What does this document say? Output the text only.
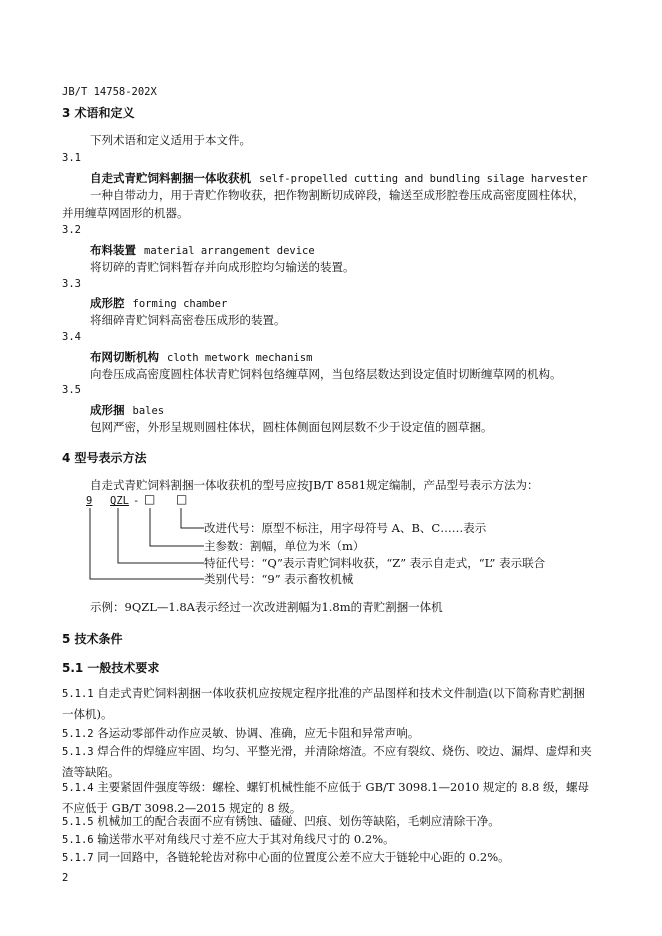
JB/T 14758-202X
3 术语和定义
下列术语和定义适用于本文件。
3.1
自走式青贮饲料割捆一体收获机 self-propelled cutting and bundling silage harvester
一种自带动力，用于青贮作物收获，把作物割断切成碎段，输送至成形腔卷压成高密度圆柱体状，
并用缠草网固形的机器。
3.2
布料装置 material arrangement device
将切碎的青贮饲料暂存并向成形腔均匀输送的装置。
3.3
成形腔 forming chamber
将细碎青贮饲料高密卷压成形的装置。
3.4
布网切断机构 cloth metwork mechanism
向卷压成高密度圆柱体状青贮饲料包络缠草网，当包络层数达到设定值时切断缠草网的机构。
3.5
成形捆 bales
包网严密，外形呈规则圆柱体状，圆柱体侧面包网层数不少于设定值的圆草捆。
4 型号表示方法
自走式青贮饲料割捆一体收获机的型号应按JB/T 8581规定编制，产品型号表示方法为：
9 QZL - □ □
改进代号：原型不标注，用字母符号 A、B、C……表示
主参数：割幅，单位为米（m）
特征代号：“Q”表示青贮饲料收获，“Z” 表示自走式，“L” 表示联合
类别代号：“9” 表示畜牧机械
示例：9QZL—1.8A表示经过一次改进割幅为1.8m的青贮割捆一体机
5 技术条件
5.1 一般技术要求
5.1.1 自走式青贮饲料割捆一体收获机应按规定程序批准的产品图样和技术文件制造(以下简称青贮割捆一体机)。
5.1.2 各运动零部件动作应灵敏、协调、准确，应无卡阻和异常声响。
5.1.3 焊合件的焊缝应牢固、均匀、平整光滑，并清除熔渣。不应有裂纹、烧伤、咬边、漏焊、虚焊和夹渣等缺陷。
5.1.4 主要紧固件强度等级：螺栓、螺钉机械性能不应低于 GB/T 3098.1—2010 规定的 8.8 级，螺母不应低于 GB/T 3098.2—2015 规定的 8 级。
5.1.5 机械加工的配合表面不应有锈蚀、磕碰、凹痕、划伤等缺陷，毛刺应清除干净。
5.1.6 输送带水平对角线尺寸差不应大于其对角线尺寸的 0.2%。
5.1.7 同一回路中，各链轮轮齿对称中心面的位置度公差不应大于链轮中心距的 0.2%。
2
